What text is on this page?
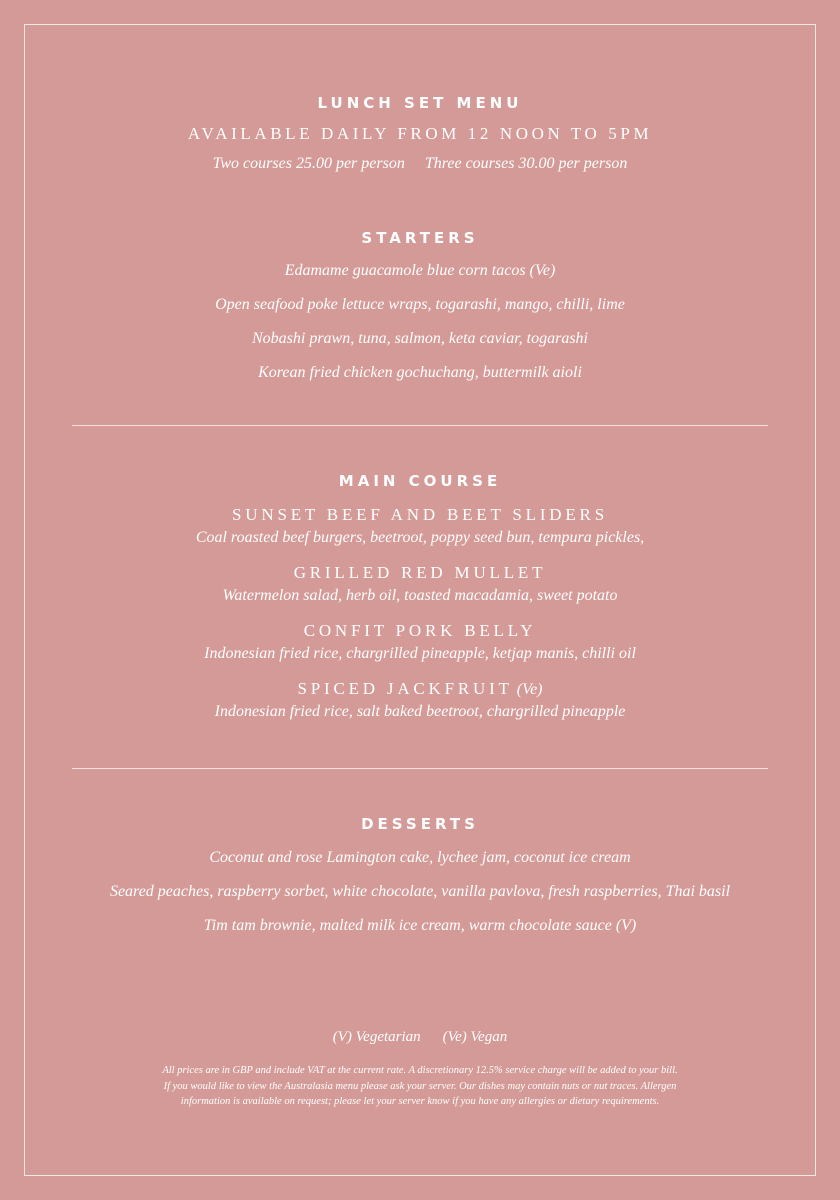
LUNCH SET MENU
AVAILABLE DAILY FROM 12 NOON TO 5PM
Two courses 25.00 per person Three courses 30.00 per person
STARTERS
Edamame guacamole blue corn tacos (Ve)
Open seafood poke lettuce wraps, togarashi, mango, chilli, lime
Nobashi prawn, tuna, salmon, keta caviar, togarashi
Korean fried chicken gochuchang, buttermilk aioli
MAIN COURSE
SUNSET BEEF AND BEET SLIDERS
Coal roasted beef burgers, beetroot, poppy seed bun, tempura pickles,
GRILLED RED MULLET
Watermelon salad, herb oil, toasted macadamia, sweet potato
CONFIT PORK BELLY
Indonesian fried rice, chargrilled pineapple, ketjap manis, chilli oil
SPICED JACKFRUIT (Ve)
Indonesian fried rice, salt baked beetroot, chargrilled pineapple
DESSERTS
Coconut and rose Lamington cake, lychee jam, coconut ice cream
Seared peaches, raspberry sorbet, white chocolate, vanilla pavlova, fresh raspberries, Thai basil
Tim tam brownie, malted milk ice cream, warm chocolate sauce (V)
(V) Vegetarian (Ve) Vegan
All prices are in GBP and include VAT at the current rate. A discretionary 12.5% service charge will be added to your bill.
If you would like to view the Australasia menu please ask your server. Our dishes may contain nuts or nut traces. Allergen
information is available on request; please let your server know if you have any allergies or dietary requirements.
